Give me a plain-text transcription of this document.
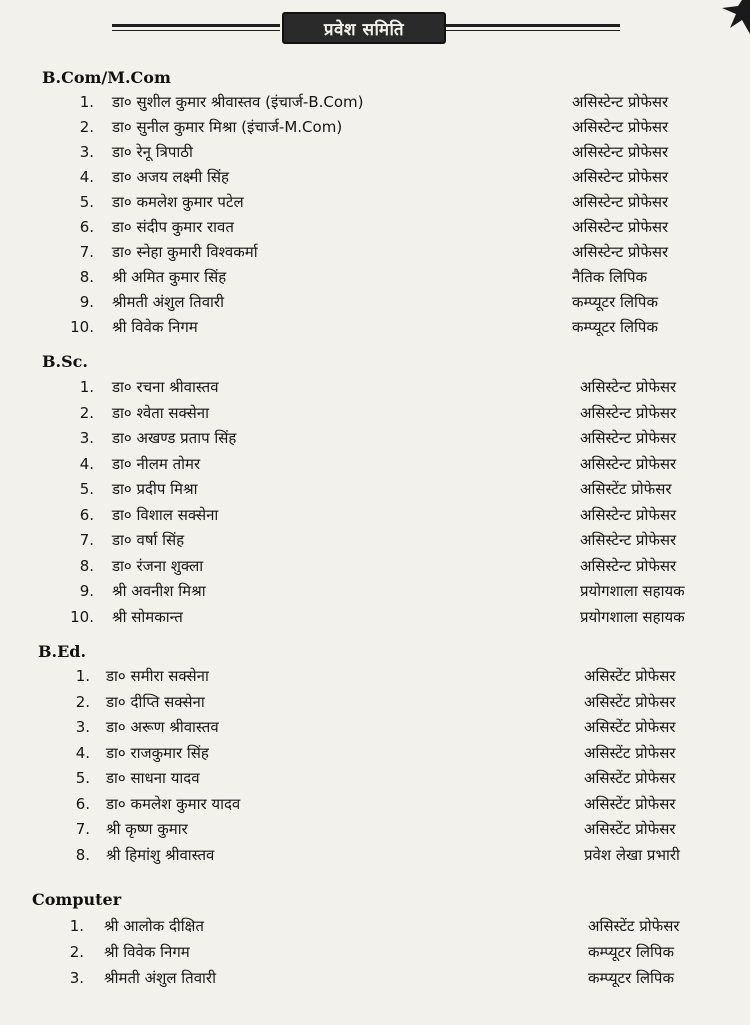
प्रवेश समिति
B.Com/M.Com
1. डा० सुशील कुमार श्रीवास्तव (इंचार्ज-B.Com)	असिस्टेन्ट प्रोफेसर
2. डा० सुनील कुमार मिश्रा (इंचार्ज-M.Com)	असिस्टेन्ट प्रोफेसर
3. डा० रेनू त्रिपाठी	असिस्टेन्ट प्रोफेसर
4. डा० अजय लक्ष्मी सिंह	असिस्टेन्ट प्रोफेसर
5. डा० कमलेश कुमार पटेल	असिस्टेन्ट प्रोफेसर
6. डा० संदीप कुमार रावत	असिस्टेन्ट प्रोफेसर
7. डा० स्नेहा कुमारी विश्वकर्मा	असिस्टेन्ट प्रोफेसर
8. श्री अमित कुमार सिंह	नैतिक लिपिक
9. श्रीमती अंशुल तिवारी	कम्प्यूटर लिपिक
10. श्री विवेक निगम	कम्प्यूटर लिपिक
B.Sc.
1. डा० रचना श्रीवास्तव	असिस्टेन्ट प्रोफेसर
2. डा० श्वेता सक्सेना	असिस्टेन्ट प्रोफेसर
3. डा० अखण्ड प्रताप सिंह	असिस्टेन्ट प्रोफेसर
4. डा० नीलम तोमर	असिस्टेन्ट प्रोफेसर
5. डा० प्रदीप मिश्रा	असिस्टेंट प्रोफेसर
6. डा० विशाल सक्सेना	असिस्टेन्ट प्रोफेसर
7. डा० वर्षा सिंह	असिस्टेन्ट प्रोफेसर
8. डा० रंजना शुक्ला	असिस्टेन्ट प्रोफेसर
9. श्री अवनीश मिश्रा	प्रयोगशाला सहायक
10. श्री सोमकान्त	प्रयोगशाला सहायक
B.Ed.
1. डा० समीरा सक्सेना	असिस्टेंट प्रोफेसर
2. डा० दीप्ति सक्सेना	असिस्टेंट प्रोफेसर
3. डा० अरूण श्रीवास्तव	असिस्टेंट प्रोफेसर
4. डा० राजकुमार सिंह	असिस्टेंट प्रोफेसर
5. डा० साधना यादव	असिस्टेंट प्रोफेसर
6. डा० कमलेश कुमार यादव	असिस्टेंट प्रोफेसर
7. श्री कृष्ण कुमार	असिस्टेंट प्रोफेसर
8. श्री हिमांशु श्रीवास्तव	प्रवेश लेखा प्रभारी
Computer
1. श्री आलोक दीक्षित	असिस्टेंट प्रोफेसर
2. श्री विवेक निगम	कम्प्यूटर लिपिक
3. श्रीमती अंशुल तिवारी	कम्प्यूटर लिपिक
